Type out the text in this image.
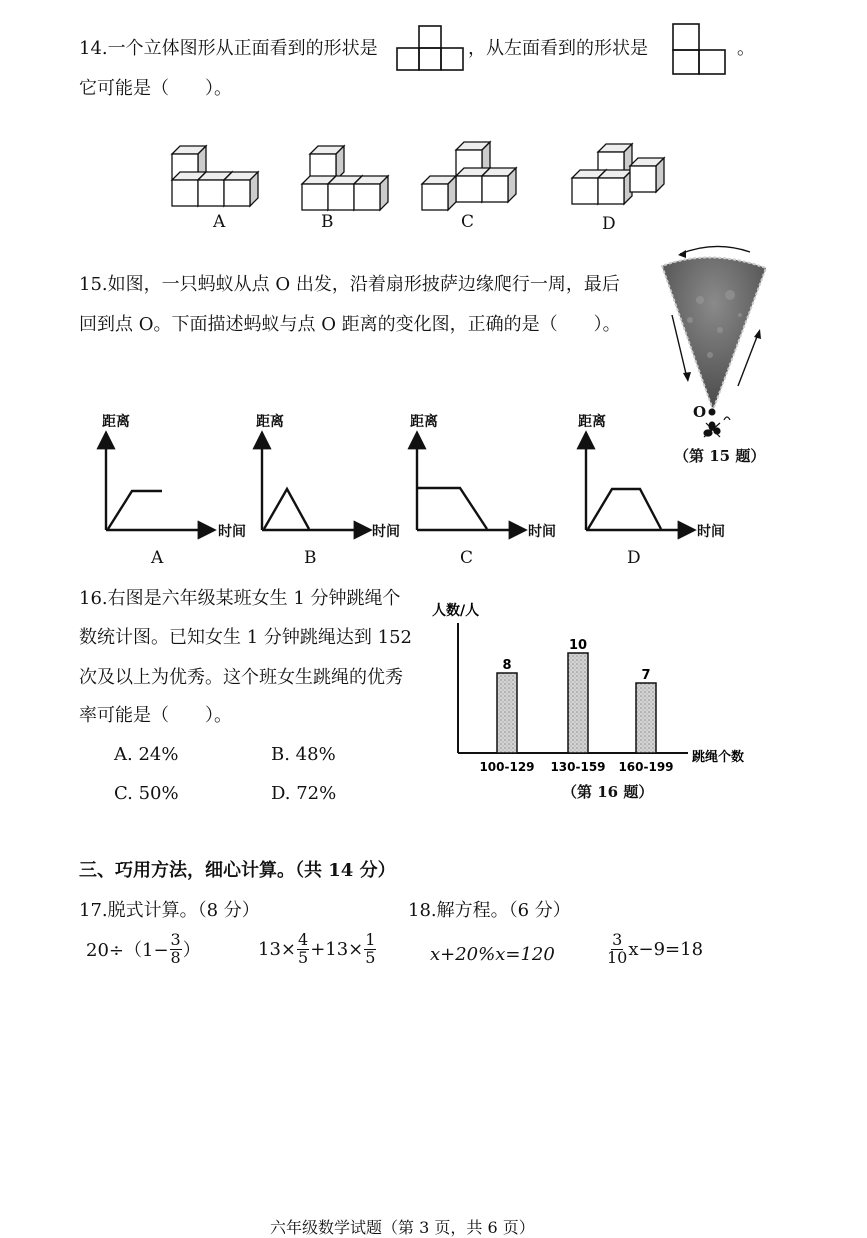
14.一个立体图形从正面看到的形状是	，从左面看到的形状是	。
它可能是（　　）。
A	B	C	D
15.如图，一只蚂蚁从点 O 出发，沿着扇形披萨边缘爬行一周，最后
回到点 O。下面描述蚂蚁与点 O 距离的变化图，正确的是（　　）。
O
（第 15 题）
距离
时间
距离
时间
距离
时间
距离
时间
A	B	C	D
16.右图是六年级某班女生 1 分钟跳绳个
数统计图。已知女生 1 分钟跳绳达到 152
次及以上为优秀。这个班女生跳绳的优秀
率可能是（　　）。
A. 24%	B. 48%
C. 50%	D. 72%
人数/人
跳绳个数
8
100-129
10
130-159
7
160-199
（第 16 题）
三、巧用方法，细心计算。（共 14 分）
17.脱式计算。（8 分）	18.解方程。（6 分）
$20\div(1- \frac{3}{8}$ ）	$13\times \frac{4}{5} +13\times \frac{1}{5}$	x+20%x=120	$\frac{3}{10} x-9=18$
六年级数学试题（第 3 页，共 6 页）
